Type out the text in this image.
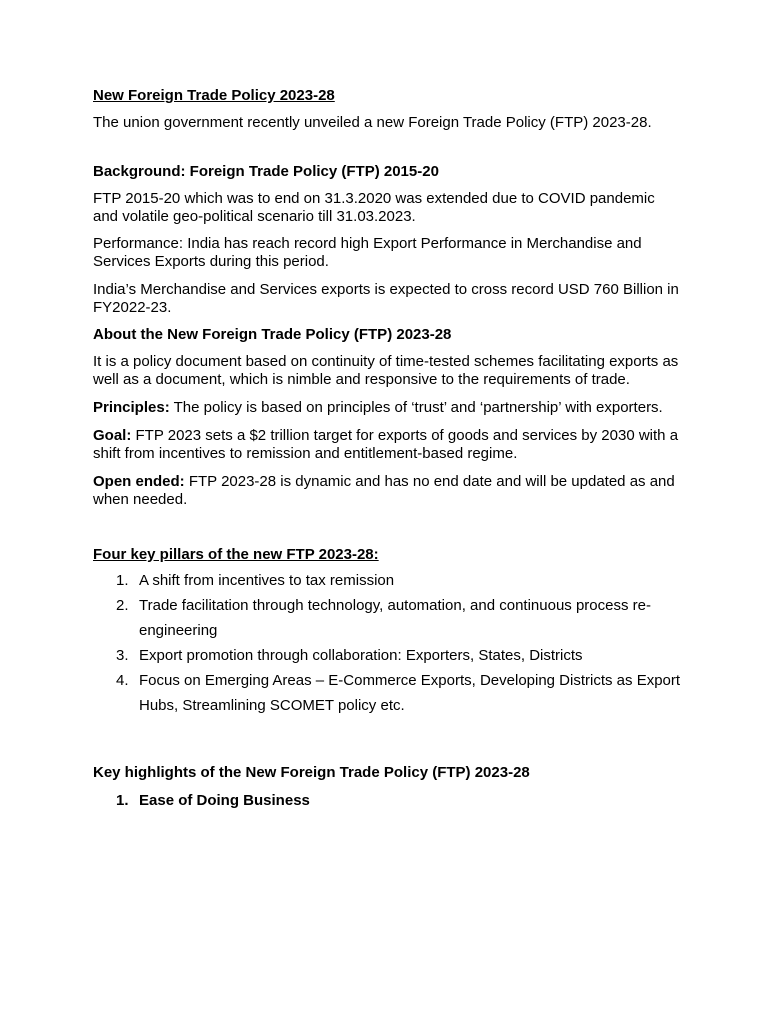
New Foreign Trade Policy 2023-28

The union government recently unveiled a new Foreign Trade Policy (FTP) 2023-28.

Background: Foreign Trade Policy (FTP) 2015-20

FTP 2015-20 which was to end on 31.3.2020 was extended due to COVID pandemic and volatile geo-political scenario till 31.03.2023.

Performance: India has reach record high Export Performance in Merchandise and Services Exports during this period.

India’s Merchandise and Services exports is expected to cross record USD 760 Billion in FY2022-23.

About the New Foreign Trade Policy (FTP) 2023-28

It is a policy document based on continuity of time-tested schemes facilitating exports as well as a document, which is nimble and responsive to the requirements of trade.

Principles: The policy is based on principles of ‘trust’ and ‘partnership’ with exporters.

Goal: FTP 2023 sets a $2 trillion target for exports of goods and services by 2030 with a shift from incentives to remission and entitlement-based regime.

Open ended: FTP 2023-28 is dynamic and has no end date and will be updated as and when needed.

Four key pillars of the new FTP 2023-28:

1. A shift from incentives to tax remission
2. Trade facilitation through technology, automation, and continuous process re-engineering
3. Export promotion through collaboration: Exporters, States, Districts
4. Focus on Emerging Areas – E-Commerce Exports, Developing Districts as Export Hubs, Streamlining SCOMET policy etc.

Key highlights of the New Foreign Trade Policy (FTP) 2023-28

1. Ease of Doing Business
